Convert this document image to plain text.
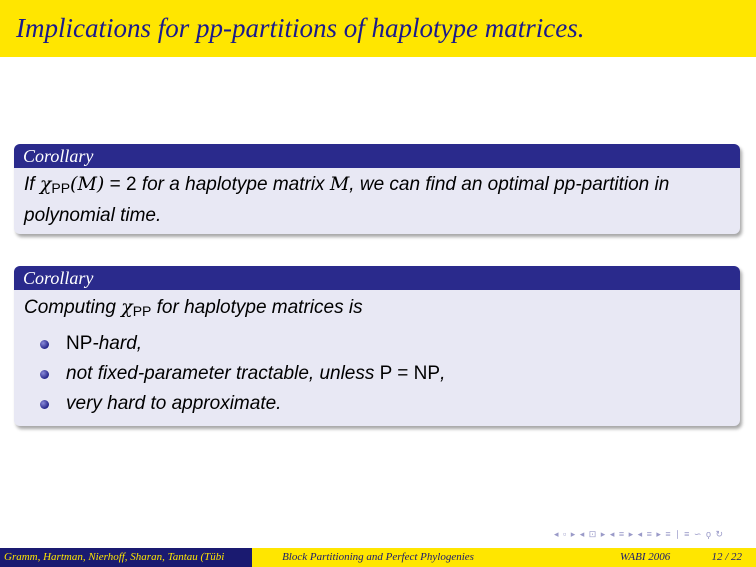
Implications for pp-partitions of haplotype matrices.
Corollary
If $\chi_{PP}(M) = 2$ for a haplotype matrix M, we can find an optimal pp-partition in polynomial time.
Corollary
Computing $\chi_{PP}$ for haplotype matrices is
NP-hard,
not fixed-parameter tractable, unless P = NP,
very hard to approximate.
◂ ▫ ▸ ◂ ⊡ ▸ ◂ ≡ ▸ ◂ ≡ ▸ ≡ ∣ ≡ ∽ ϙ ↻
Gramm, Hartman, Nierhoff, Sharan, Tantau (Tübi	Block Partitioning and Perfect Phylogenies	WABI 2006	12 / 22
